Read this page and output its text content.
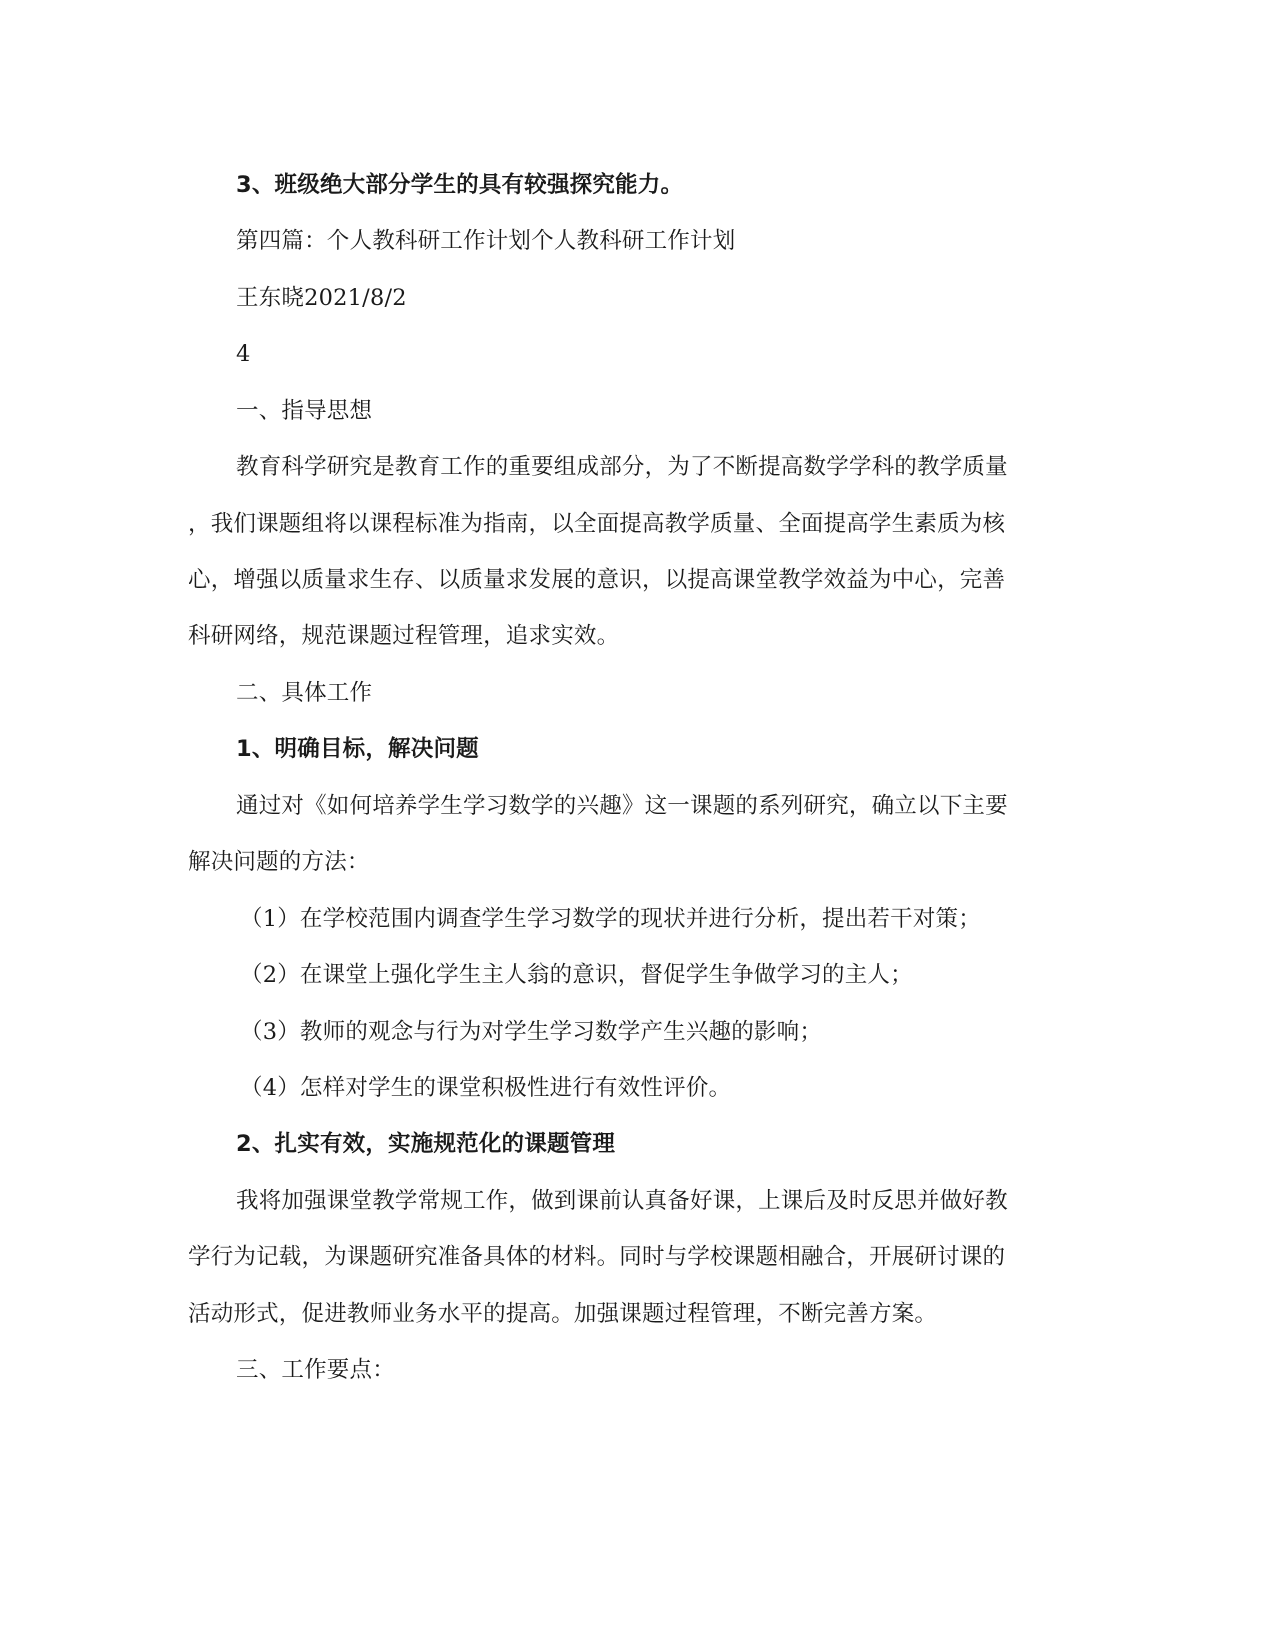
3、班级绝大部分学生的具有较强探究能力。
第四篇：个人教科研工作计划个人教科研工作计划
王东晓2021/8/2
4
一、指导思想
教育科学研究是教育工作的重要组成部分，为了不断提高数学学科的教学质量
，我们课题组将以课程标准为指南，以全面提高教学质量、全面提高学生素质为核
心，增强以质量求生存、以质量求发展的意识，以提高课堂教学效益为中心，完善
科研网络，规范课题过程管理，追求实效。
二、具体工作
1、明确目标，解决问题
通过对《如何培养学生学习数学的兴趣》这一课题的系列研究，确立以下主要
解决问题的方法：
（1）在学校范围内调查学生学习数学的现状并进行分析，提出若干对策；
（2）在课堂上强化学生主人翁的意识，督促学生争做学习的主人；
（3）教师的观念与行为对学生学习数学产生兴趣的影响；
（4）怎样对学生的课堂积极性进行有效性评价。
2、扎实有效，实施规范化的课题管理
我将加强课堂教学常规工作，做到课前认真备好课，上课后及时反思并做好教
学行为记载，为课题研究准备具体的材料。同时与学校课题相融合，开展研讨课的
活动形式，促进教师业务水平的提高。加强课题过程管理，不断完善方案。
三、工作要点：
